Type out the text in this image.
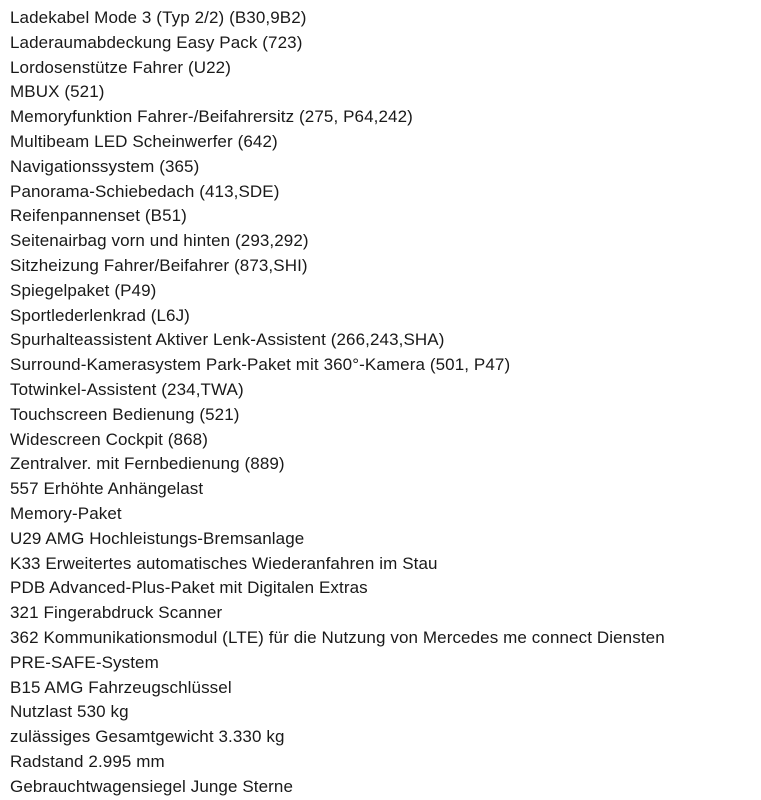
Ladekabel Mode 3 (Typ 2/2) (B30,9B2)
Laderaumabdeckung Easy Pack (723)
Lordosenstütze Fahrer (U22)
MBUX (521)
Memoryfunktion Fahrer-/Beifahrersitz (275, P64,242)
Multibeam LED Scheinwerfer (642)
Navigationssystem (365)
Panorama-Schiebedach (413,SDE)
Reifenpannenset (B51)
Seitenairbag vorn und hinten (293,292)
Sitzheizung Fahrer/Beifahrer (873,SHI)
Spiegelpaket (P49)
Sportlederlenkrad (L6J)
Spurhalteassistent Aktiver Lenk-Assistent (266,243,SHA)
Surround-Kamerasystem Park-Paket mit 360°-Kamera (501, P47)
Totwinkel-Assistent (234,TWA)
Touchscreen Bedienung (521)
Widescreen Cockpit (868)
Zentralver. mit Fernbedienung (889)
557 Erhöhte Anhängelast
Memory-Paket
U29 AMG Hochleistungs-Bremsanlage
K33 Erweitertes automatisches Wiederanfahren im Stau
PDB Advanced-Plus-Paket mit Digitalen Extras
321 Fingerabdruck Scanner
362 Kommunikationsmodul (LTE) für die Nutzung von Mercedes me connect Diensten
PRE-SAFE-System
B15 AMG Fahrzeugschlüssel
Nutzlast 530 kg
zulässiges Gesamtgewicht 3.330 kg
Radstand 2.995 mm
Gebrauchtwagensiegel Junge Sterne
